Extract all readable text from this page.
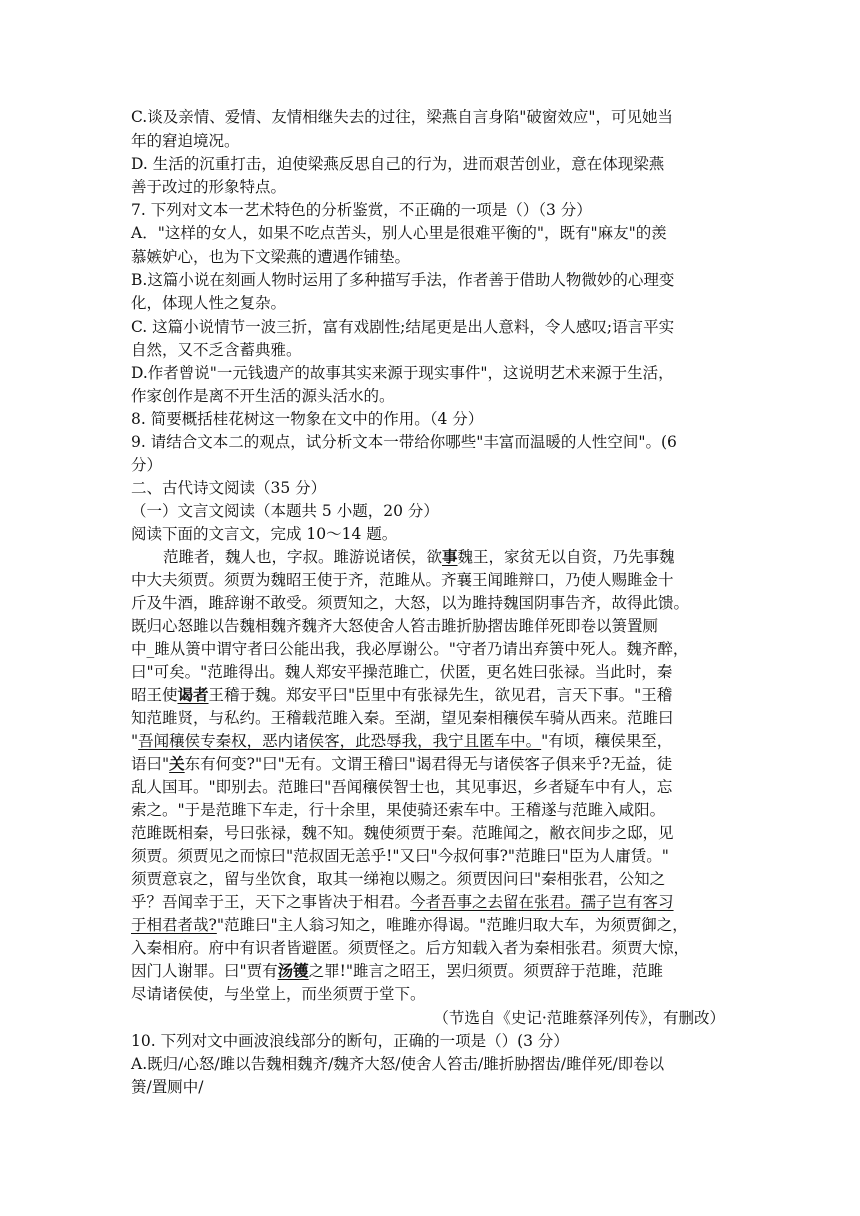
C.谈及亲情、爱情、友情相继失去的过往，梁燕自言身陷"破窗效应"，可见她当
年的窘迫境况。
D. 生活的沉重打击，迫使梁燕反思自己的行为，进而艰苦创业，意在体现梁燕
善于改过的形象特点。
7. 下列对文本一艺术特色的分析鉴赏，不正确的一项是（）（3 分）
A．"这样的女人，如果不吃点苦头，别人心里是很难平衡的"，既有"麻友"的羡
慕嫉妒心，也为下文梁燕的遭遇作铺垫。
B.这篇小说在刻画人物时运用了多种描写手法，作者善于借助人物微妙的心理变
化，体现人性之复杂。
C. 这篇小说情节一波三折，富有戏剧性;结尾更是出人意料，令人感叹;语言平实
自然，又不乏含蓄典雅。
D.作者曾说"一元钱遗产的故事其实来源于现实事件"，这说明艺术来源于生活，
作家创作是离不开生活的源头活水的。
8. 简要概括桂花树这一物象在文中的作用。（4 分）
9. 请结合文本二的观点，试分析文本一带给你哪些"丰富而温暖的人性空间"。(6
分）
二、古代诗文阅读（35 分）
（一）文言文阅读（本题共 5 小题，20 分）
阅读下面的文言文，完成 10～14 题。
范雎者，魏人也，字叔。雎游说诸侯，欲事魏王，家贫无以自资，乃先事魏
中大夫须贾。须贾为魏昭王使于齐，范雎从。齐襄王闻雎辩口，乃使人赐雎金十
斤及牛酒，雎辞谢不敢受。须贾知之，大怒，以为雎持魏国阴事告齐，故得此馈。
既归心怒雎以告魏相魏齐魏齐大怒使舍人笞击雎折胁摺齿雎佯死即卷以箦置厕
中_雎从箦中谓守者曰公能出我，我必厚谢公。"守者乃请出弃箦中死人。魏齐醉，
曰"可矣。"范雎得出。魏人郑安平操范雎亡，伏匿，更名姓曰张禄。当此时，秦
昭王使谒者王稽于魏。郑安平曰"臣里中有张禄先生，欲见君，言天下事。"王稽
知范雎贤，与私约。王稽载范雎入秦。至湖，望见秦相穰侯车骑从西来。范雎曰
"吾闻穰侯专秦权，恶内诸侯客，此恐辱我，我宁且匿车中。"有顷，穰侯果至，
语曰"关东有何变?"曰"无有。文谓王稽曰"谒君得无与诸侯客子俱来乎?无益，徒
乱人国耳。"即别去。范雎曰"吾闻穰侯智士也，其见事迟，乡者疑车中有人，忘
索之。"于是范雎下车走，行十余里，果使骑还索车中。王稽遂与范雎入咸阳。
范雎既相秦，号曰张禄，魏不知。魏使须贾于秦。范雎闻之，敝衣间步之邸，见
须贾。须贾见之而惊曰"范叔固无恙乎!"又曰"今叔何事?"范雎曰"臣为人庸赁。"
须贾意哀之，留与坐饮食，取其一绨袍以赐之。须贾因问曰"秦相张君，公知之
乎？吾闻幸于王，天下之事皆决于相君。今者吾事之去留在张君。孺子岂有客习
于相君者哉?"范雎曰"主人翁习知之，唯雎亦得谒。"范雎归取大车，为须贾御之，
入秦相府。府中有识者皆避匿。须贾怪之。后方知载入者为秦相张君。须贾大惊，
因门人谢罪。曰"贾有汤镬之罪!"雎言之昭王，罢归须贾。须贾辞于范雎，范雎
尽请诸侯使，与坐堂上，而坐须贾于堂下。
（节选自《史记·范雎蔡泽列传》，有删改）
10. 下列对文中画波浪线部分的断句，正确的一项是（）(3 分）
A.既归/心怒/雎以告魏相魏齐/魏齐大怒/使舍人笞击/雎折胁摺齿/雎佯死/即卷以
箦/置厕中/
